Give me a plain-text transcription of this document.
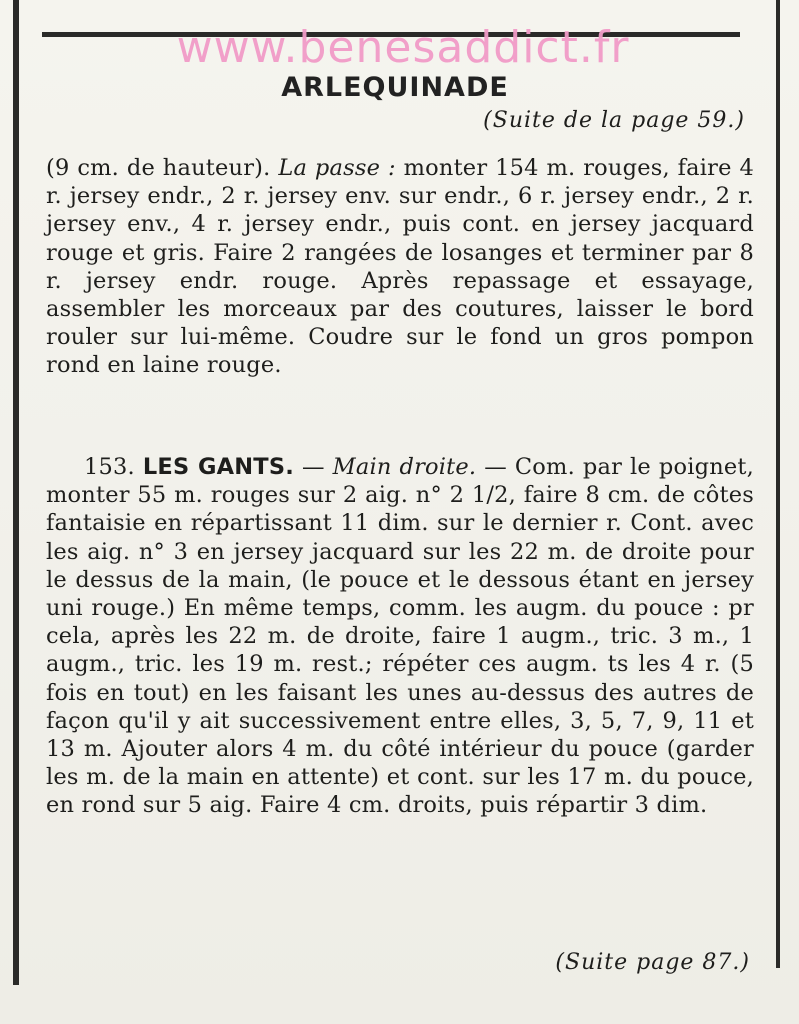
www.benesaddict.fr
ARLEQUINADE
(Suite de la page 59.)

(9 cm. de hauteur). La passe : monter 154 m. rouges, faire 4 r. jersey endr., 2 r. jersey env. sur endr., 6 r. jersey endr., 2 r. jersey env., 4 r. jersey endr., puis cont. en jersey jacquard rouge et gris. Faire 2 rangées de losanges et terminer par 8 r. jersey endr. rouge. Après repassage et essayage, assembler les morceaux par des coutures, laisser le bord rouler sur lui-même. Coudre sur le fond un gros pompon rond en laine rouge.

153. LES GANTS. — Main droite. — Com. par le poignet, monter 55 m. rouges sur 2 aig. n° 2 1/2, faire 8 cm. de côtes fantaisie en répartissant 11 dim. sur le dernier r. Cont. avec les aig. n° 3 en jersey jacquard sur les 22 m. de droite pour le dessus de la main, (le pouce et le dessous étant en jersey uni rouge.) En même temps, comm. les augm. du pouce : pr cela, après les 22 m. de droite, faire 1 augm., tric. 3 m., 1 augm., tric. les 19 m. rest.; répéter ces augm. ts les 4 r. (5 fois en tout) en les faisant les unes au-dessus des autres de façon qu'il y ait successivement entre elles, 3, 5, 7, 9, 11 et 13 m. Ajouter alors 4 m. du côté intérieur du pouce (garder les m. de la main en attente) et cont. sur les 17 m. du pouce, en rond sur 5 aig. Faire 4 cm. droits, puis répartir 3 dim.

(Suite page 87.)
